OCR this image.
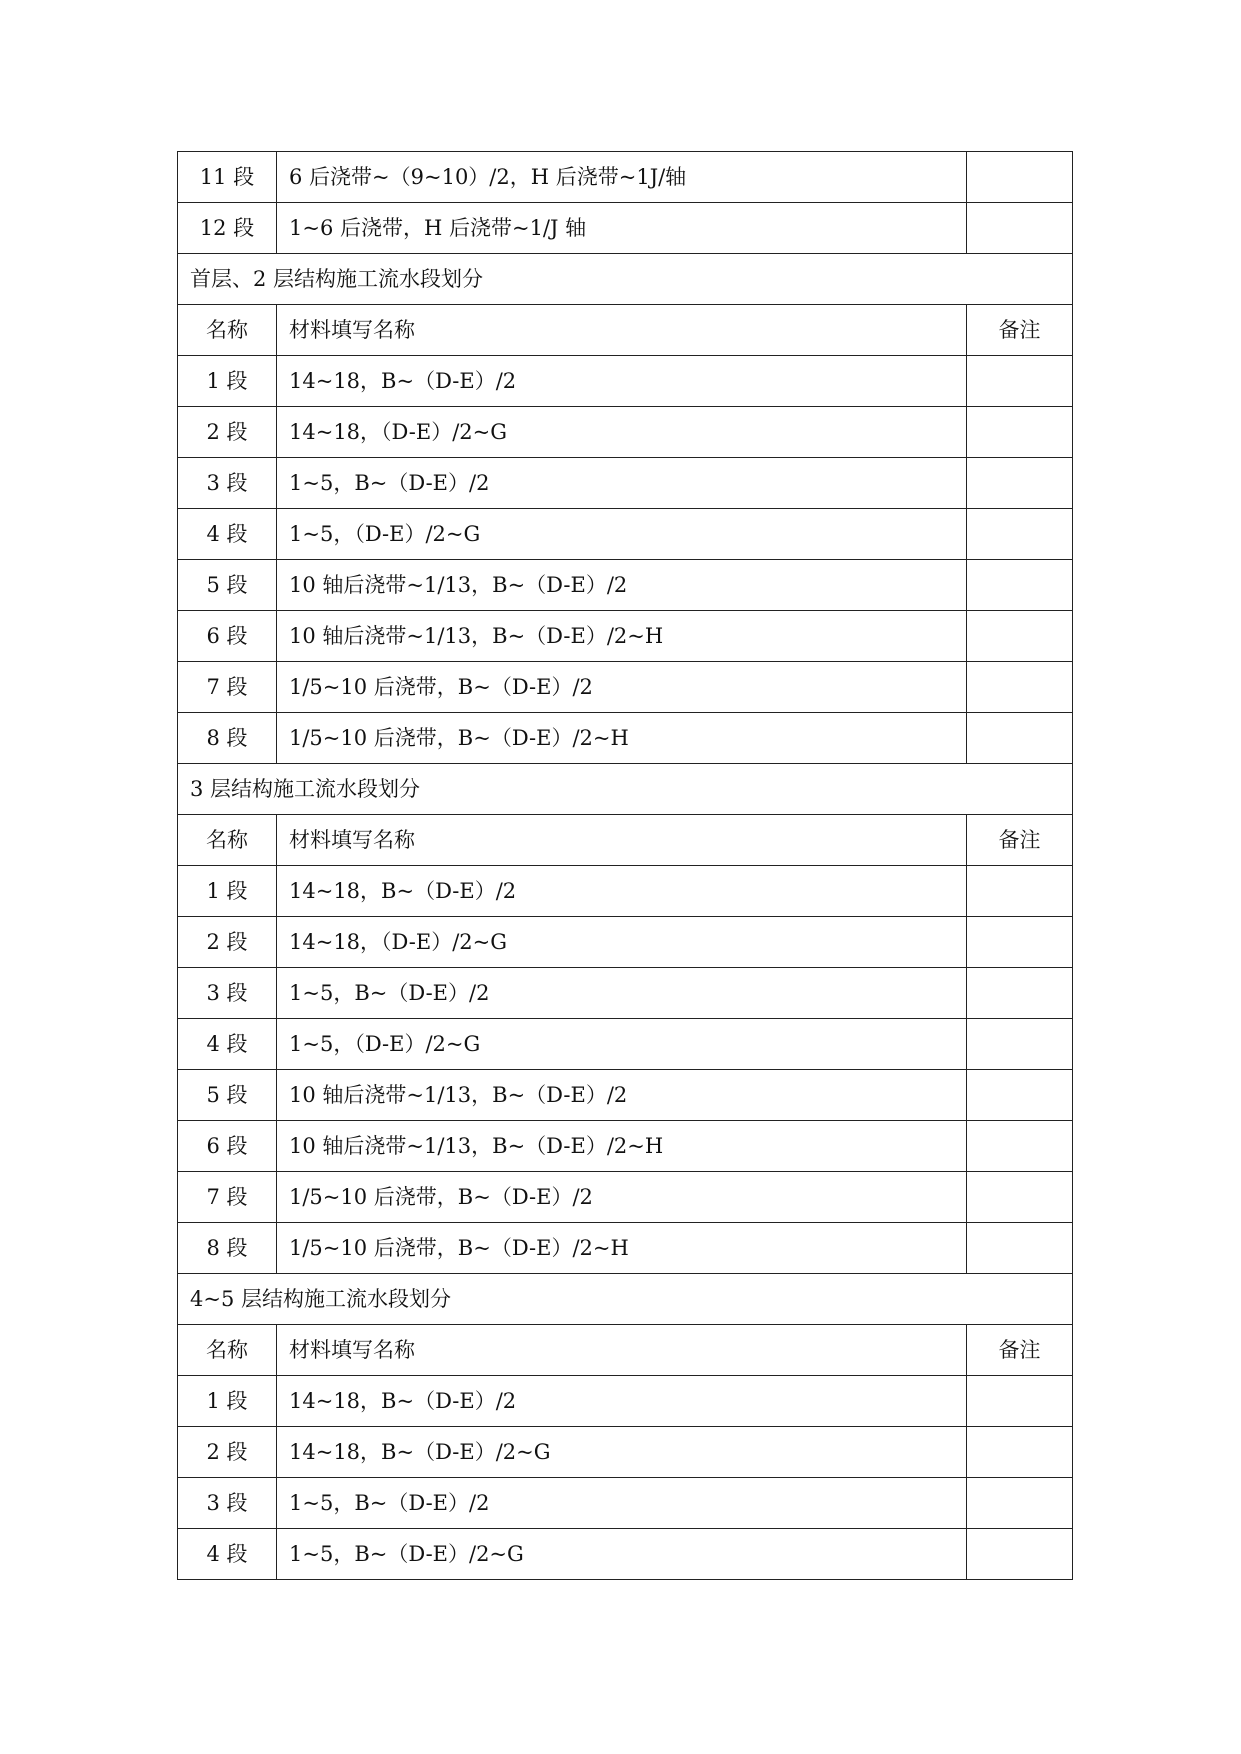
11 段	6 后浇带~（9~10）/2，H 后浇带~1J/轴	
12 段	1~6 后浇带，H 后浇带~1/J 轴	
首层、2 层结构施工流水段划分		
名称	材料填写名称	备注
1 段	14~18，B~（D-E）/2	
2 段	14~18，（D-E）/2~G	
3 段	1~5，B~（D-E）/2	
4 段	1~5，（D-E）/2~G	
5 段	10 轴后浇带~1/13，B~（D-E）/2	
6 段	10 轴后浇带~1/13，B~（D-E）/2~H	
7 段	1/5~10 后浇带，B~（D-E）/2	
8 段	1/5~10 后浇带，B~（D-E）/2~H	
3 层结构施工流水段划分		
名称	材料填写名称	备注
1 段	14~18，B~（D-E）/2	
2 段	14~18，（D-E）/2~G	
3 段	1~5，B~（D-E）/2	
4 段	1~5，（D-E）/2~G	
5 段	10 轴后浇带~1/13，B~（D-E）/2	
6 段	10 轴后浇带~1/13，B~（D-E）/2~H	
7 段	1/5~10 后浇带，B~（D-E）/2	
8 段	1/5~10 后浇带，B~（D-E）/2~H	
4~5 层结构施工流水段划分		
名称	材料填写名称	备注
1 段	14~18，B~（D-E）/2	
2 段	14~18，B~（D-E）/2~G	
3 段	1~5，B~（D-E）/2	
4 段	1~5，B~（D-E）/2~G	
